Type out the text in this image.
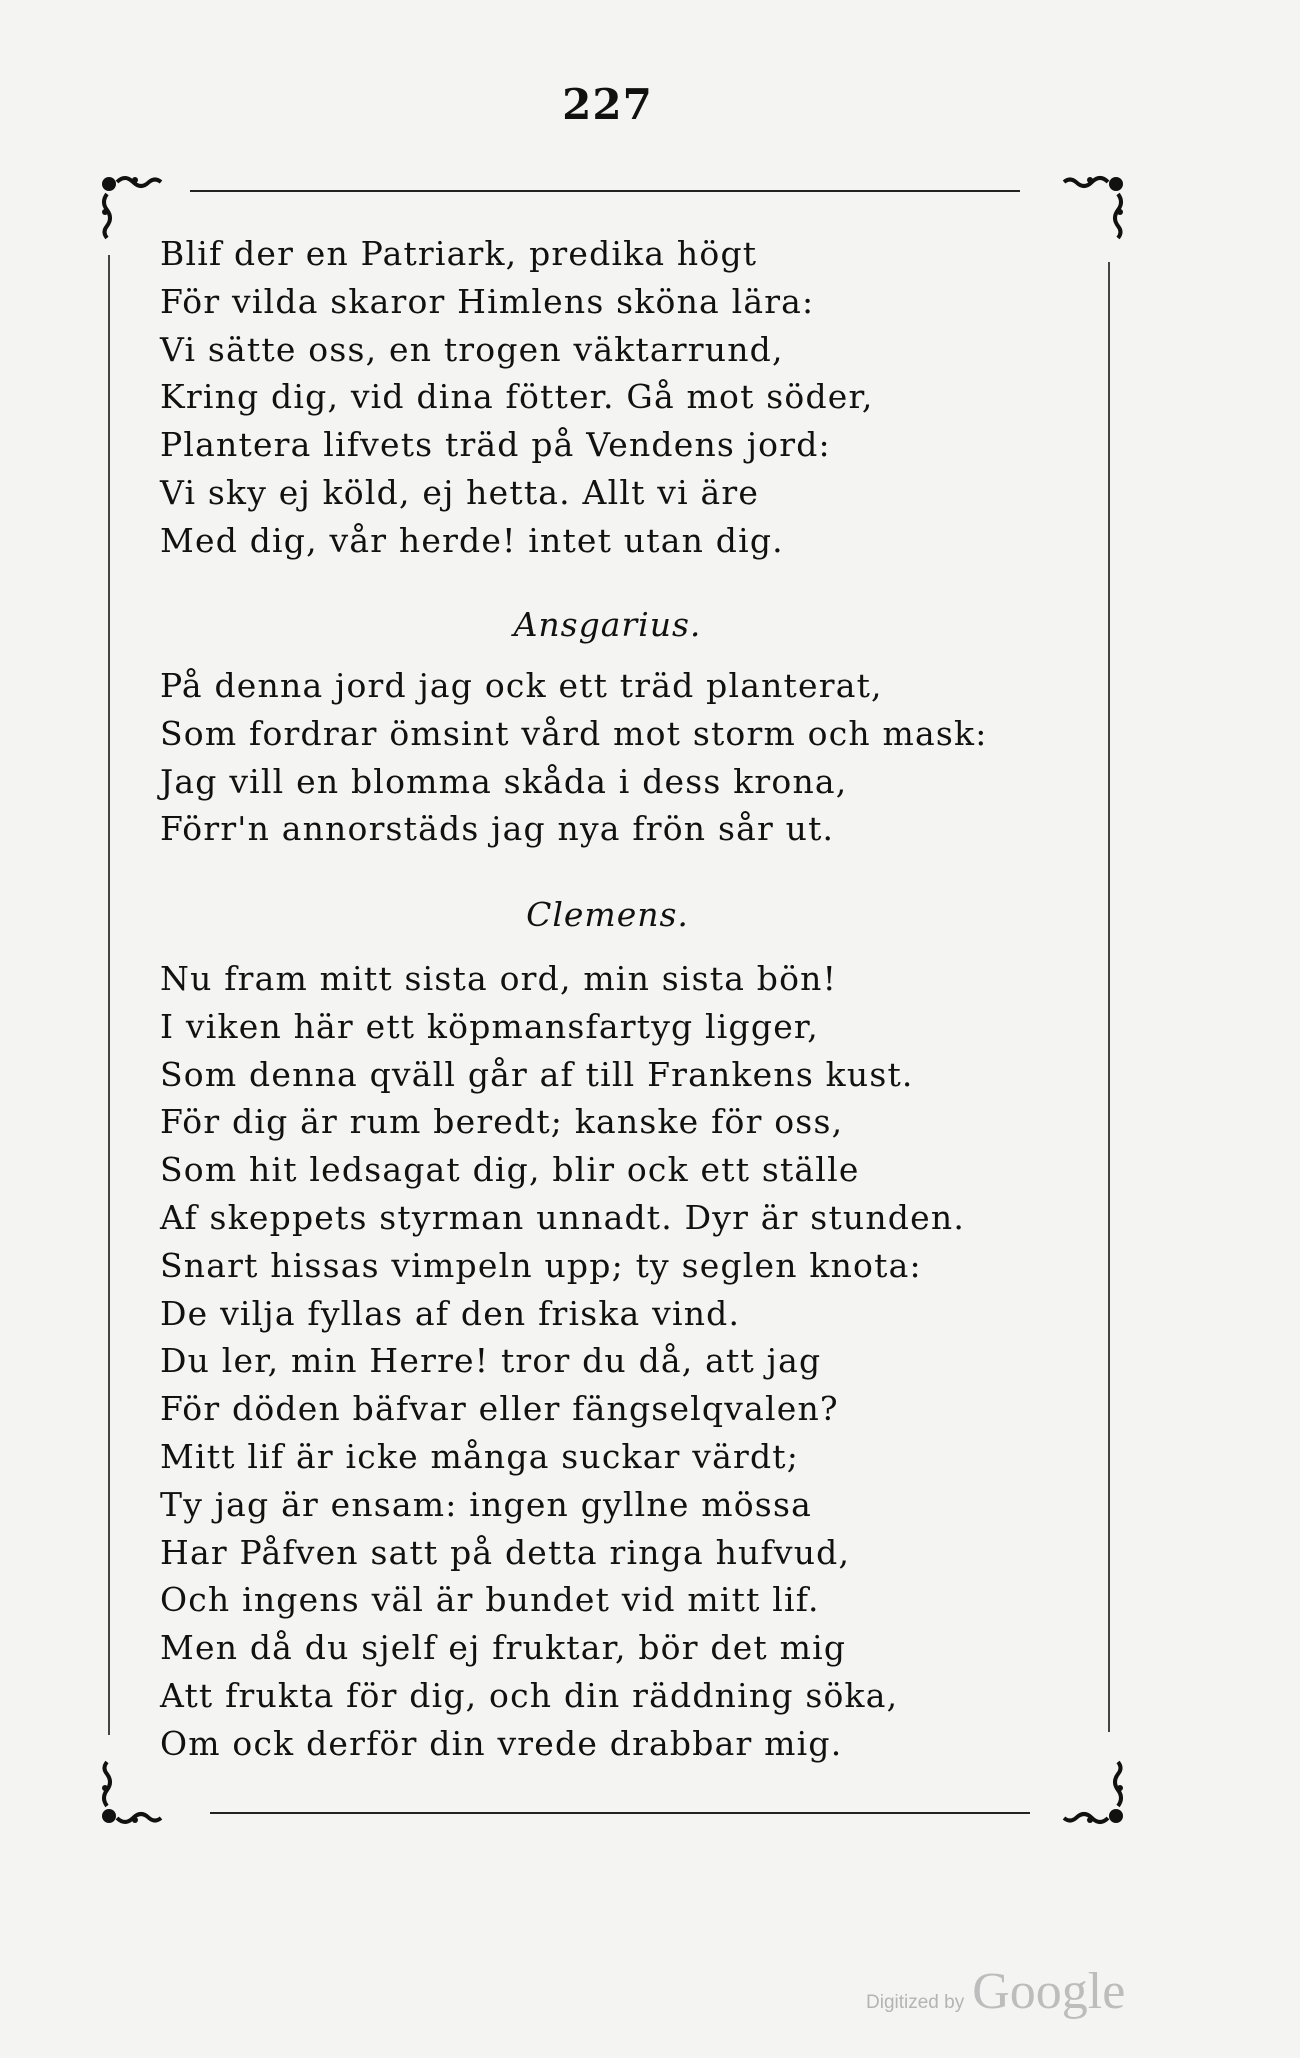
227
Blif der en Patriark, predika högt
För vilda skaror Himlens sköna lära:
Vi sätte oss, en trogen väktarrund,
Kring dig, vid dina fötter. Gå mot söder,
Plantera lifvets träd på Vendens jord:
Vi sky ej köld, ej hetta. Allt vi äre
Med dig, vår herde! intet utan dig.
Ansgarius.
På denna jord jag ock ett träd planterat,
Som fordrar ömsint vård mot storm och mask:
Jag vill en blomma skåda i dess krona,
Förr'n annorstäds jag nya frön sår ut.
Clemens.
Nu fram mitt sista ord, min sista bön!
I viken här ett köpmansfartyg ligger,
Som denna qväll går af till Frankens kust.
För dig är rum beredt; kanske för oss,
Som hit ledsagat dig, blir ock ett ställe
Af skeppets styrman unnadt. Dyr är stunden.
Snart hissas vimpeln upp; ty seglen knota:
De vilja fyllas af den friska vind.
Du ler, min Herre! tror du då, att jag
För döden bäfvar eller fängselqvalen?
Mitt lif är icke många suckar värdt;
Ty jag är ensam: ingen gyllne mössa
Har Påfven satt på detta ringa hufvud,
Och ingens väl är bundet vid mitt lif.
Men då du sjelf ej fruktar, bör det mig
Att frukta för dig, och din räddning söka,
Om ock derför din vrede drabbar mig.
Digitized by Google
